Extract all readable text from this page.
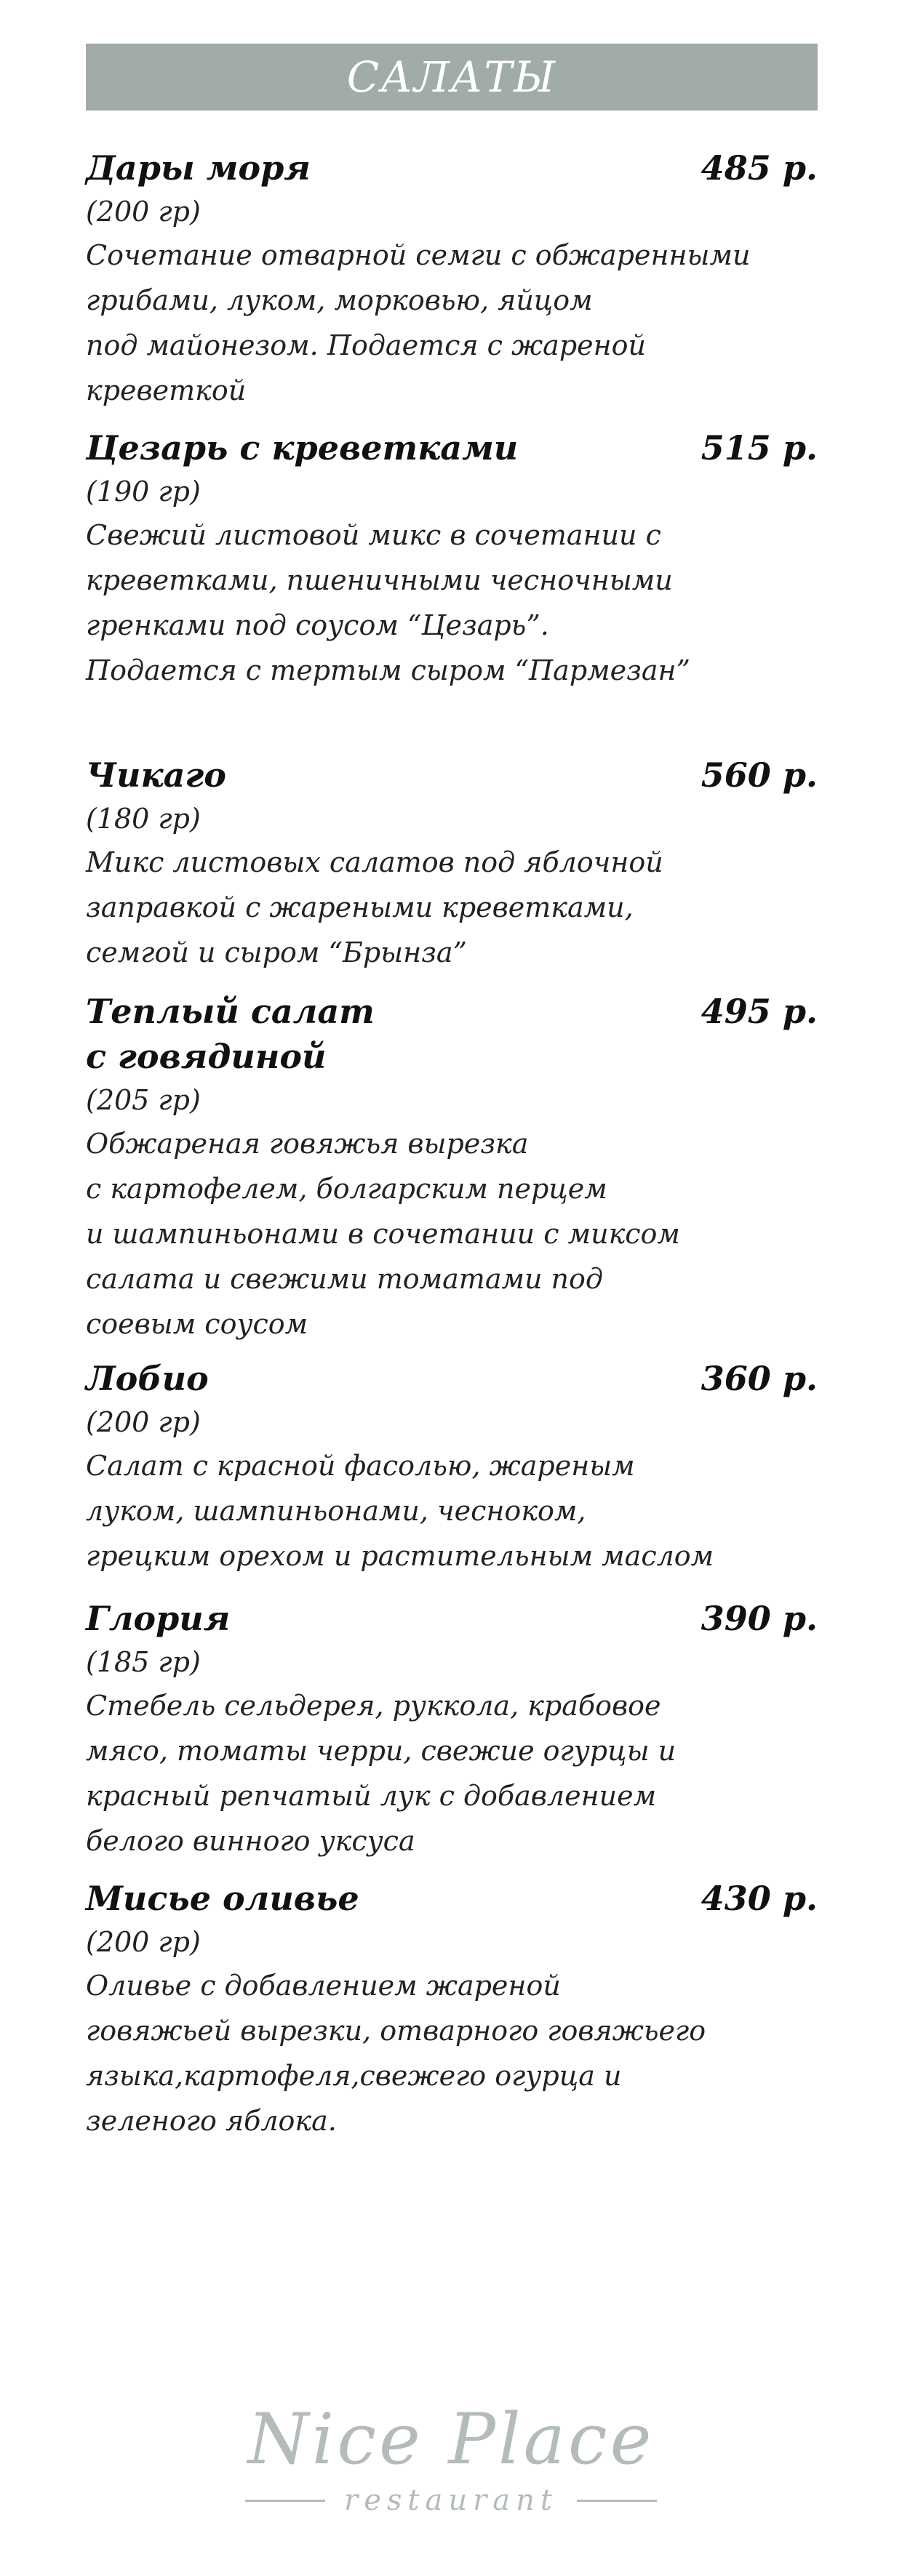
САЛАТЫ
Дары моря	485 р.
(200 гр)
Сочетание отварной семги с обжаренными
грибами, луком, морковью, яйцом
под майонезом. Подается с жареной
креветкой
Цезарь с креветками	515 р.
(190 гр)
Свежий листовой микс в сочетании с
креветками, пшеничными чесночными
гренками под соусом “Цезарь”.
Подается с тертым сыром “Пармезан”
Чикаго	560 р.
(180 гр)
Микс листовых салатов под яблочной
заправкой с жареными креветками,
семгой и сыром “Брынза”
Теплый салат
с говядиной
495 р.
(205 гр)
Обжареная говяжья вырезка
с картофелем, болгарским перцем
и шампиньонами в сочетании с миксом
салата и свежими томатами под
соевым соусом
Лобио	360 р.
(200 гр)
Салат с красной фасолью, жареным
луком, шампиньонами, чесноком,
грецким орехом и растительным маслом
Глория	390 р.
(185 гр)
Стебель сельдерея, руккола, крабовое
мясо, томаты черри, свежие огурцы и
красный репчатый лук с добавлением
белого винного уксуса
Мисье оливье	430 р.
(200 гр)
Оливье с добавлением жареной
говяжьей вырезки, отварного говяжьего
языка,картофеля,свежего огурца и
зеленого яблока.
Nice Place
restaurant
